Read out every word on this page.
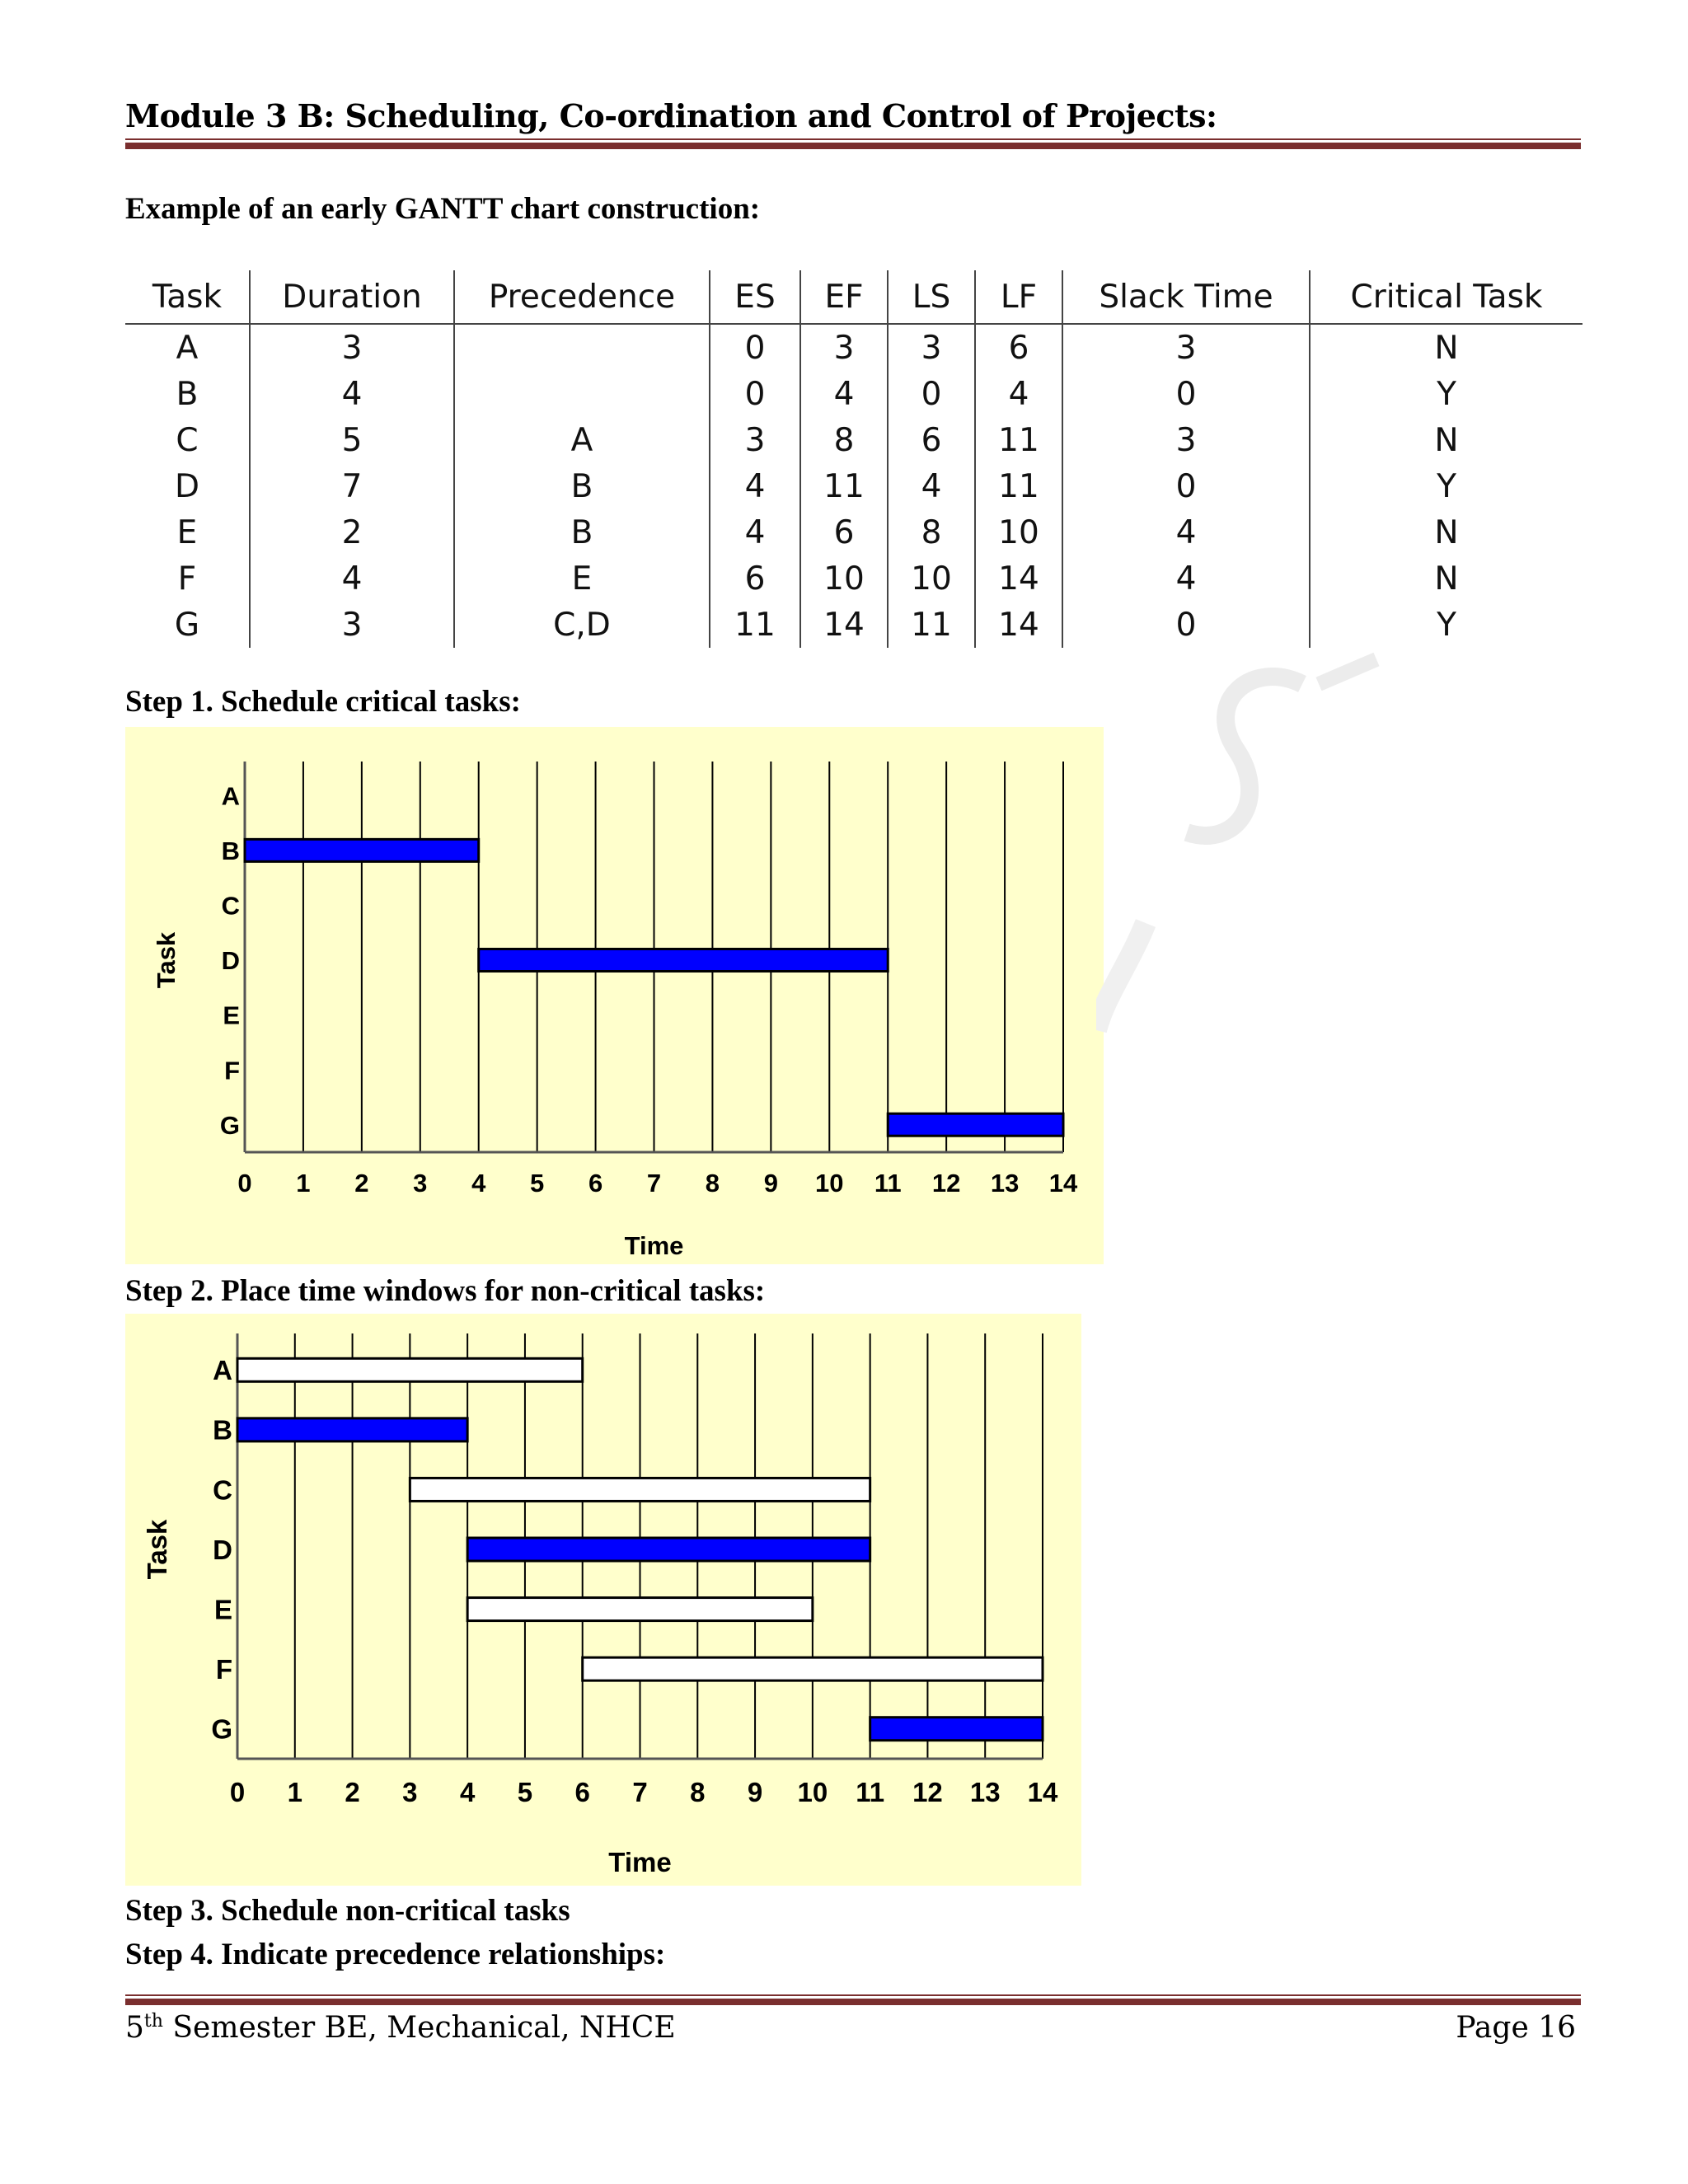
Module 3 B: Scheduling, Co-ordination and Control of Projects:
Example of an early GANTT chart construction:
Task	Duration	Precedence	ES	EF	LS	LF	Slack Time	Critical Task
A	3		0	3	3	6	3	N
B	4		0	4	0	4	0	Y
C	5	A	3	8	6	11	3	N
D	7	B	4	11	4	11	0	Y
E	2	B	4	6	8	10	4	N
F	4	E	6	10	10	14	4	N
G	3	C,D	11	14	11	14	0	Y
Step 1. Schedule critical tasks:
0 1 2 3 4 5 6 7 8 9 10 11 12 13 14
A
B
C
D
E
F
G
Time
Task
Step 2. Place time windows for non-critical tasks:
0 1 2 3 4 5 6 7 8 9 10 11 12 13 14
A
B
C
D
E
F
G
Time
Task
Step 3. Schedule non-critical tasks
Step 4. Indicate precedence relationships:
5th Semester BE, Mechanical, NHCE	Page 16
